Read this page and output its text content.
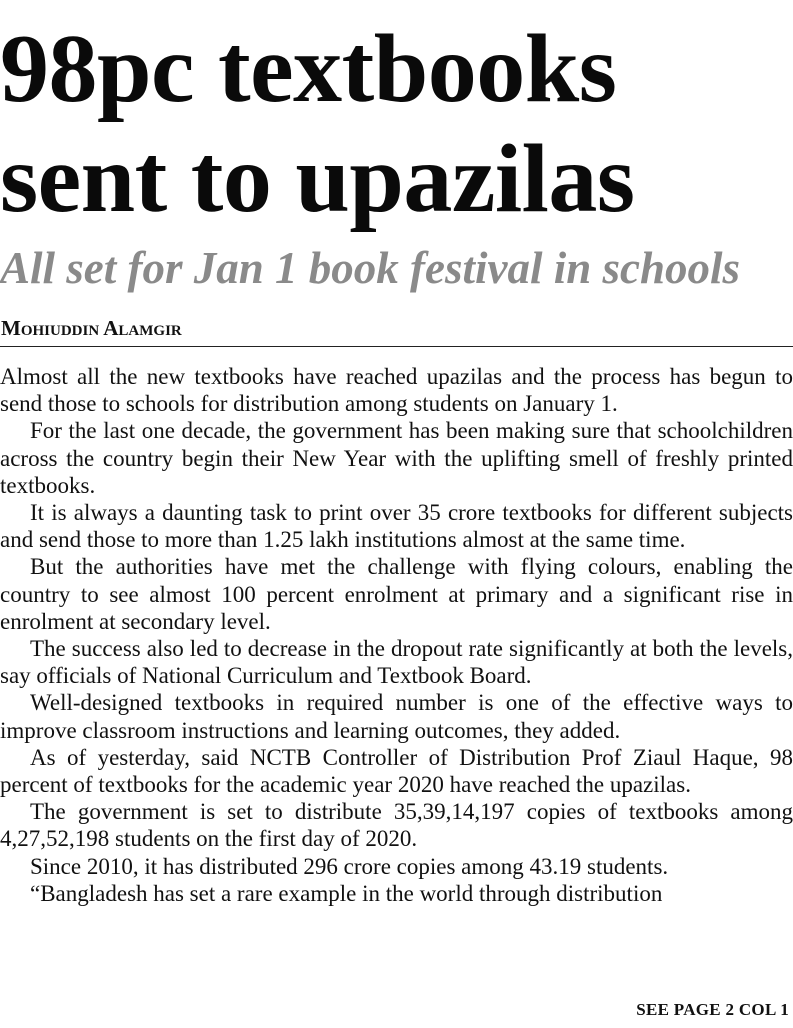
98pc textbooks
sent to upazilas
All set for Jan 1 book festival in schools
Mohiuddin Alamgir

Almost all the new textbooks have reached upazilas and the process has begun to send those to schools for distribution among students on January 1.

For the last one decade, the government has been making sure that schoolchildren across the country begin their New Year with the uplifting smell of freshly printed textbooks.

It is always a daunting task to print over 35 crore textbooks for different subjects and send those to more than 1.25 lakh institutions almost at the same time.

But the authorities have met the challenge with flying colours, enabling the country to see almost 100 percent enrolment at primary and a significant rise in enrolment at secondary level.

The success also led to decrease in the dropout rate significantly at both the levels, say officials of National Curriculum and Textbook Board.

Well-designed textbooks in required number is one of the effective ways to improve classroom instructions and learning outcomes, they added.

As of yesterday, said NCTB Controller of Distribution Prof Ziaul Haque, 98 percent of textbooks for the academic year 2020 have reached the upazilas.

The government is set to distribute 35,39,14,197 copies of textbooks among 4,27,52,198 students on the first day of 2020.

Since 2010, it has distributed 296 crore copies among 43.19 students.

“Bangladesh has set a rare example in the world through distribution

SEE PAGE 2 COL 1
